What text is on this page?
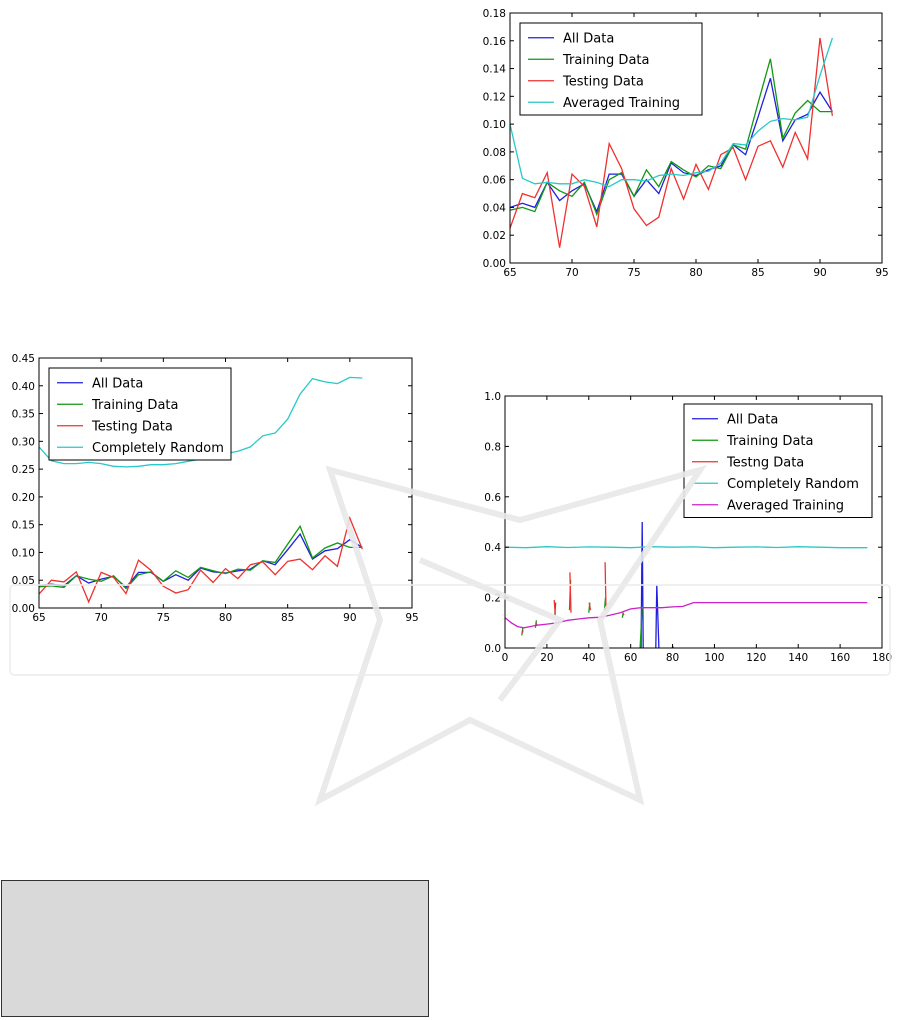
65	70	75	80	85	90	95
0.00
0.02
0.04
0.06
0.08
0.10
0.12
0.14
0.16
0.18
All Data
Training Data
Testing Data
Averaged Training
65	70	75	80	85	90	95
0.00
0.05
0.10
0.15
0.20
0.25
0.30
0.35
0.40
0.45
All Data
Training Data
Testing Data
Completely Random
0	20	40	60	80 100 120 140 160 180
0.0
0.2
0.4
0.6
0.8
1.0
All Data
Training Data
Testng Data
Completely Random
Averaged Training
